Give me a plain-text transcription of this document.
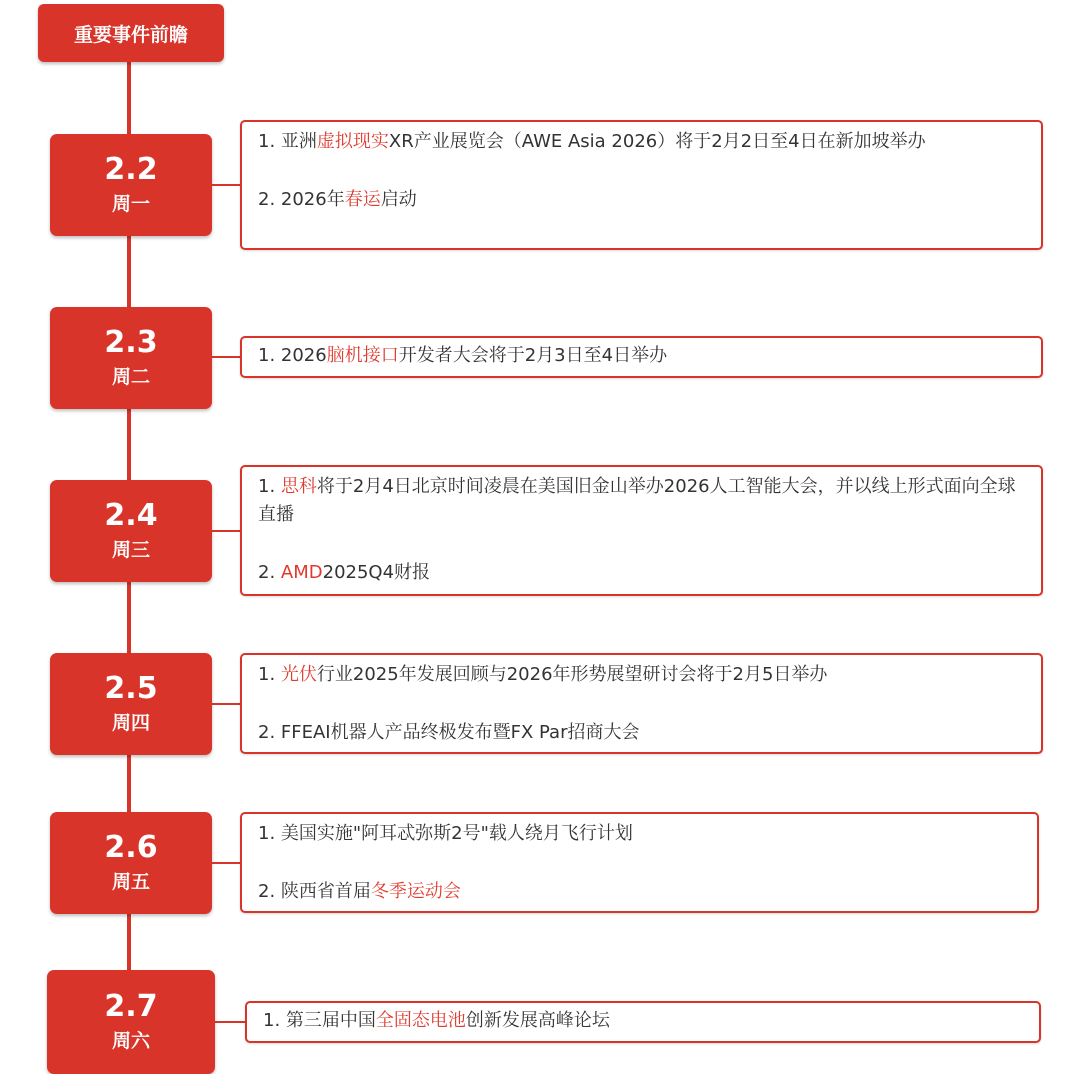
重要事件前瞻
2.2
周一

1. 亚洲虚拟现实XR产业展览会（AWE Asia 2026）将于2月2日至4日在新加坡举办

2. 2026年春运启动

2.3
周二

1. 2026脑机接口开发者大会将于2月3日至4日举办

2.4
周三

1. 思科将于2月4日北京时间凌晨在美国旧金山举办2026人工智能大会，并以线上形式面向全球直播

2. AMD2025Q4财报

2.5
周四

1. 光伏行业2025年发展回顾与2026年形势展望研讨会将于2月5日举办

2. FFEAI机器人产品终极发布暨FX Par招商大会

2.6
周五

1. 美国实施"阿耳忒弥斯2号"载人绕月飞行计划

2. 陕西省首届冬季运动会

2.7
周六

1. 第三届中国全固态电池创新发展高峰论坛
